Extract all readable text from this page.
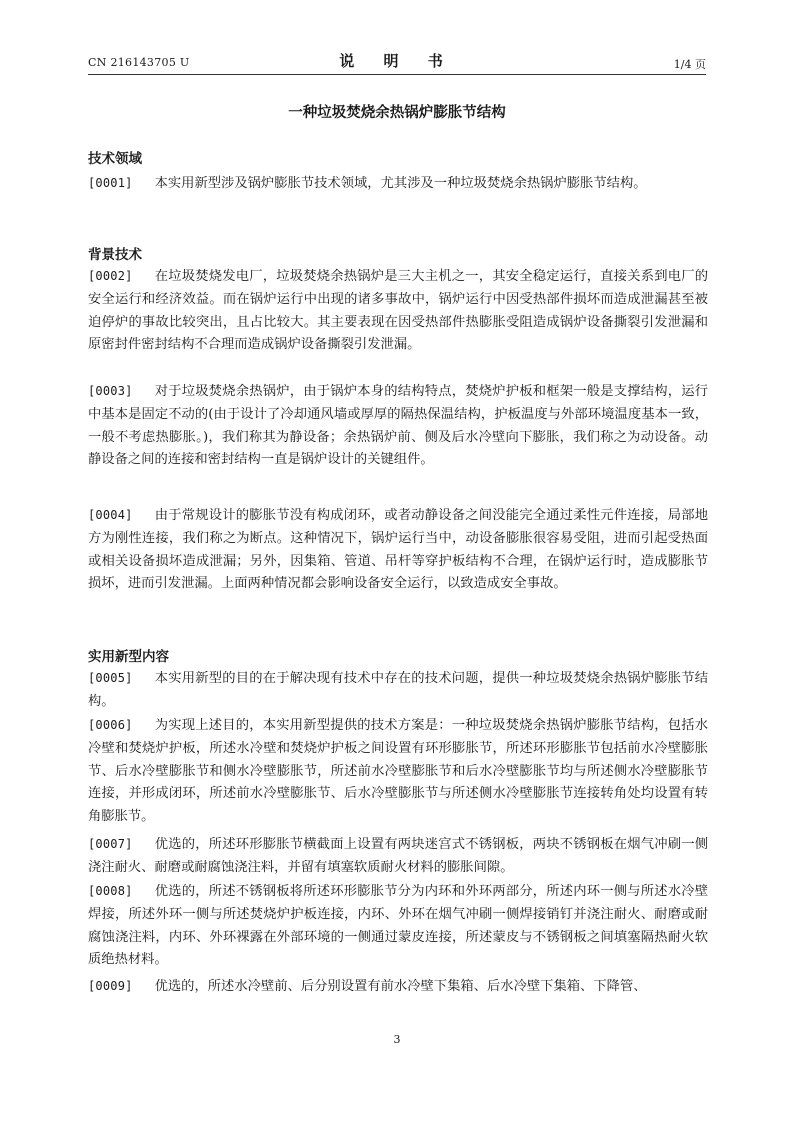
CN 216143705 U	说 明 书	1/4 页
一种垃圾焚烧余热锅炉膨胀节结构
技术领域

[0001] 本实用新型涉及锅炉膨胀节技术领域，尤其涉及一种垃圾焚烧余热锅炉膨胀节结构。

背景技术

[0002] 在垃圾焚烧发电厂，垃圾焚烧余热锅炉是三大主机之一，其安全稳定运行，直接关系到电厂的安全运行和经济效益。而在锅炉运行中出现的诸多事故中，锅炉运行中因受热部件损坏而造成泄漏甚至被迫停炉的事故比较突出，且占比较大。其主要表现在因受热部件热膨胀受阻造成锅炉设备撕裂引发泄漏和原密封件密封结构不合理而造成锅炉设备撕裂引发泄漏。

[0003] 对于垃圾焚烧余热锅炉，由于锅炉本身的结构特点，焚烧炉护板和框架一般是支撑结构，运行中基本是固定不动的(由于设计了冷却通风墙或厚厚的隔热保温结构，护板温度与外部环境温度基本一致，一般不考虑热膨胀。)，我们称其为静设备；余热锅炉前、侧及后水冷壁向下膨胀，我们称之为动设备。动静设备之间的连接和密封结构一直是锅炉设计的关键组件。

[0004] 由于常规设计的膨胀节没有构成闭环，或者动静设备之间没能完全通过柔性元件连接，局部地方为刚性连接，我们称之为断点。这种情况下，锅炉运行当中，动设备膨胀很容易受阻，进而引起受热面或相关设备损坏造成泄漏；另外，因集箱、管道、吊杆等穿护板结构不合理，在锅炉运行时，造成膨胀节损坏，进而引发泄漏。上面两种情况都会影响设备安全运行，以致造成安全事故。

实用新型内容

[0005] 本实用新型的目的在于解决现有技术中存在的技术问题，提供一种垃圾焚烧余热锅炉膨胀节结构。

[0006] 为实现上述目的，本实用新型提供的技术方案是：一种垃圾焚烧余热锅炉膨胀节结构，包括水冷壁和焚烧炉护板，所述水冷壁和焚烧炉护板之间设置有环形膨胀节，所述环形膨胀节包括前水冷壁膨胀节、后水冷壁膨胀节和侧水冷壁膨胀节，所述前水冷壁膨胀节和后水冷壁膨胀节均与所述侧水冷壁膨胀节连接，并形成闭环，所述前水冷壁膨胀节、后水冷壁膨胀节与所述侧水冷壁膨胀节连接转角处均设置有转角膨胀节。

[0007] 优选的，所述环形膨胀节横截面上设置有两块迷宫式不锈钢板，两块不锈钢板在烟气冲刷一侧浇注耐火、耐磨或耐腐蚀浇注料，并留有填塞软质耐火材料的膨胀间隙。

[0008] 优选的，所述不锈钢板将所述环形膨胀节分为内环和外环两部分，所述内环一侧与所述水冷壁焊接，所述外环一侧与所述焚烧炉护板连接，内环、外环在烟气冲刷一侧焊接销钉并浇注耐火、耐磨或耐腐蚀浇注料，内环、外环裸露在外部环境的一侧通过蒙皮连接，所述蒙皮与不锈钢板之间填塞隔热耐火软质绝热材料。

[0009] 优选的，所述水冷壁前、后分别设置有前水冷壁下集箱、后水冷壁下集箱、下降管、

3
